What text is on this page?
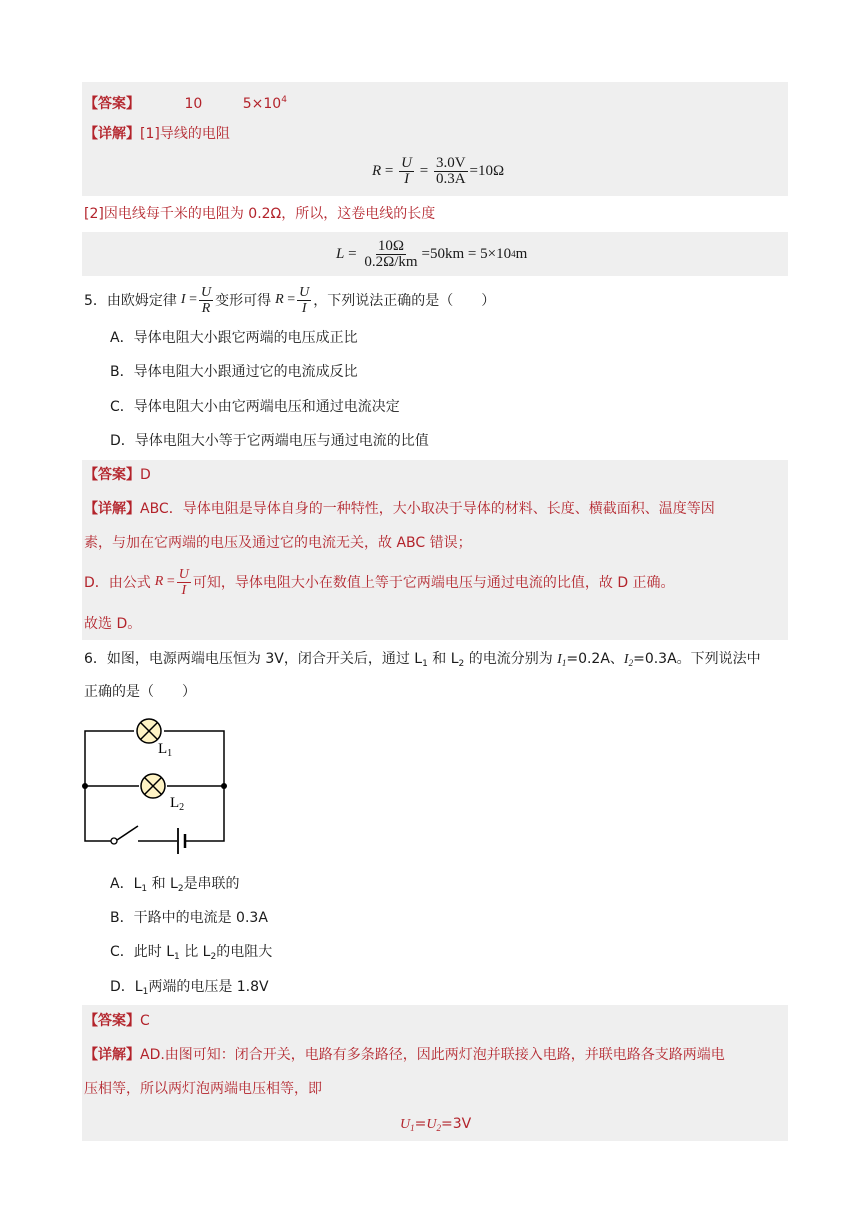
【答案】	10	$5\times 10^4$
【详解】[1]导线的电阻
$R = \frac{U}{I} = \frac{3.0V}{0.3A} =10\Omega$
[2]因电线每千米的电阻为 0.2Ω，所以，这卷电线的长度
$L = \frac{10\Omega}{0.2\Omega/km} =50km = 5\times 10$ 4 m
5．由欧姆定律 $I = \frac{U}{R}$ 变形可得 $R = \frac{U}{I}$ ，下列说法正确的是（　　）
A．导体电阻大小跟它两端的电压成正比
B．导体电阻大小跟通过它的电流成反比
C．导体电阻大小由它两端电压和通过电流决定
D．导体电阻大小等于它两端电压与通过电流的比值
【答案】D
【详解】ABC．导体电阻是导体自身的一种特性，大小取决于导体的材料、长度、横截面积、温度等因
素，与加在它两端的电压及通过它的电流无关，故 ABC 错误；
D．由公式 $R = \frac{U}{I}$ 可知，导体电阻大小在数值上等于它两端电压与通过电流的比值，故 D 正确。
故选 D。
6．如图，电源两端电压恒为 3V，闭合开关后，通过 $L_1$ 和 $L_2$ 的电流分别为 $I_1=0.2A$、$I_2=0.3A$。下列说法中
正确的是（　　）
$L_1$
$L_2$
A．$L_1$ 和 $L_2$是串联的
B．干路中的电流是 0.3A
C．此时 $L_1$ 比 $L_2$的电阻大
D．$L_1$两端的电压是 1.8V
【答案】C
【详解】AD.由图可知：闭合开关，电路有多条路径，因此两灯泡并联接入电路，并联电路各支路两端电
压相等，所以两灯泡两端电压相等，即
$U_1=U_2=3V$
